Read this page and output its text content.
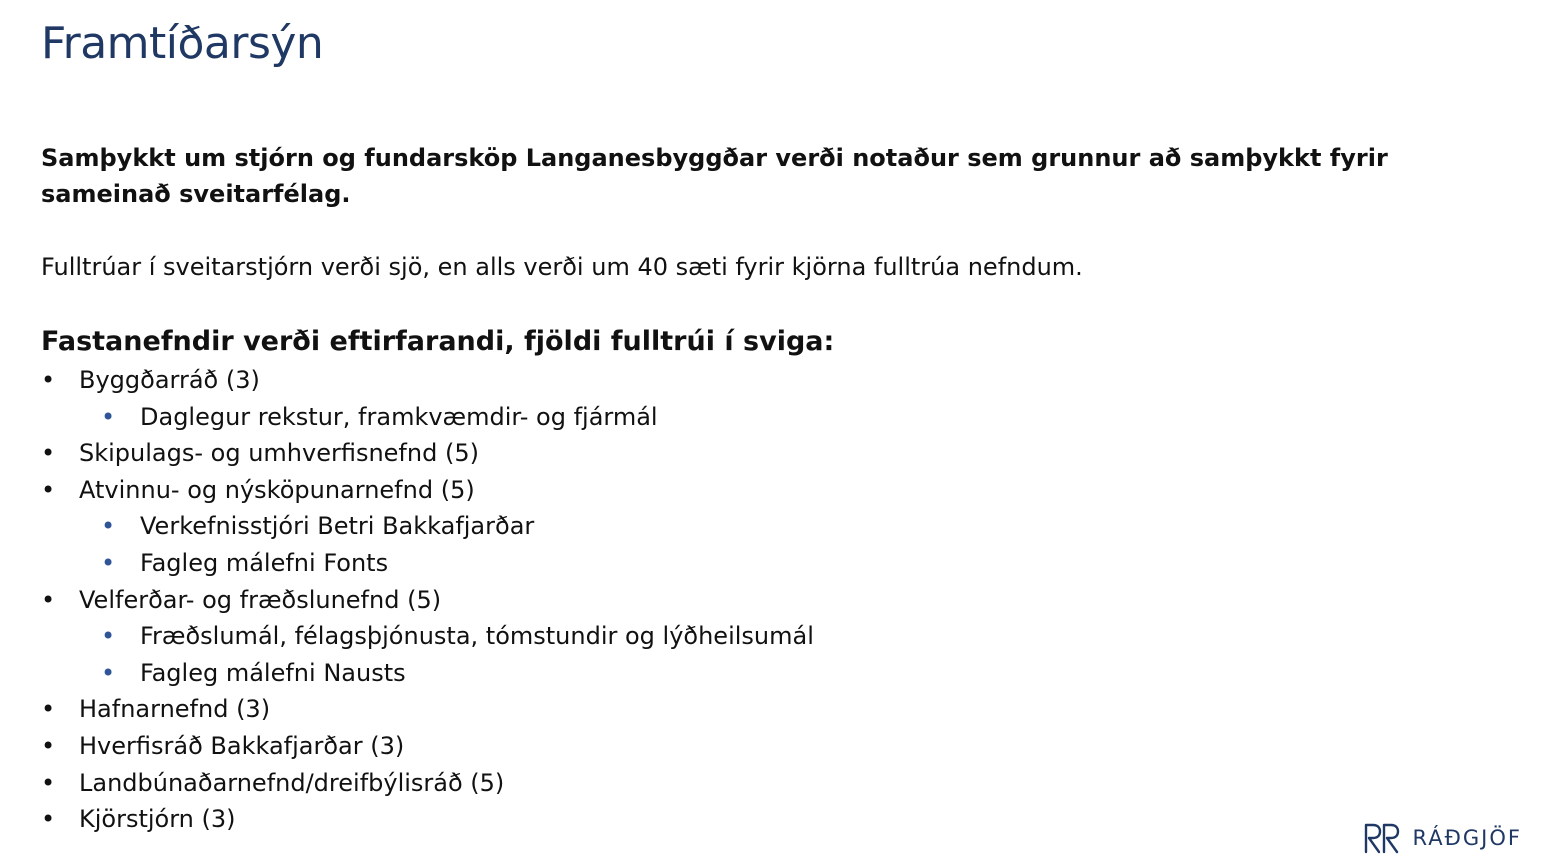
Framtíðarsýn

Samþykkt um stjórn og fundarsköp Langanesbyggðar verði notaður sem grunnur að samþykkt fyrir sameinað sveitarfélag.

Fulltrúar í sveitarstjórn verði sjö, en alls verði um 40 sæti fyrir kjörna fulltrúa nefndum.

Fastanefndir verði eftirfarandi, fjöldi fulltrúi í sviga:
• Byggðarráð (3)
• Daglegur rekstur, framkvæmdir- og fjármál
• Skipulags- og umhverfisnefnd (5)
• Atvinnu- og nýsköpunarnefnd (5)
• Verkefnisstjóri Betri Bakkafjarðar
• Fagleg málefni Fonts
• Velferðar- og fræðslunefnd (5)
• Fræðslumál, félagsþjónusta, tómstundir og lýðheilsumál
• Fagleg málefni Nausts
• Hafnarnefnd (3)
• Hverfisráð Bakkafjarðar (3)
• Landbúnaðarnefnd/dreifbýlisráð (5)
• Kjörstjórn (3)
RÁÐGJÖF
